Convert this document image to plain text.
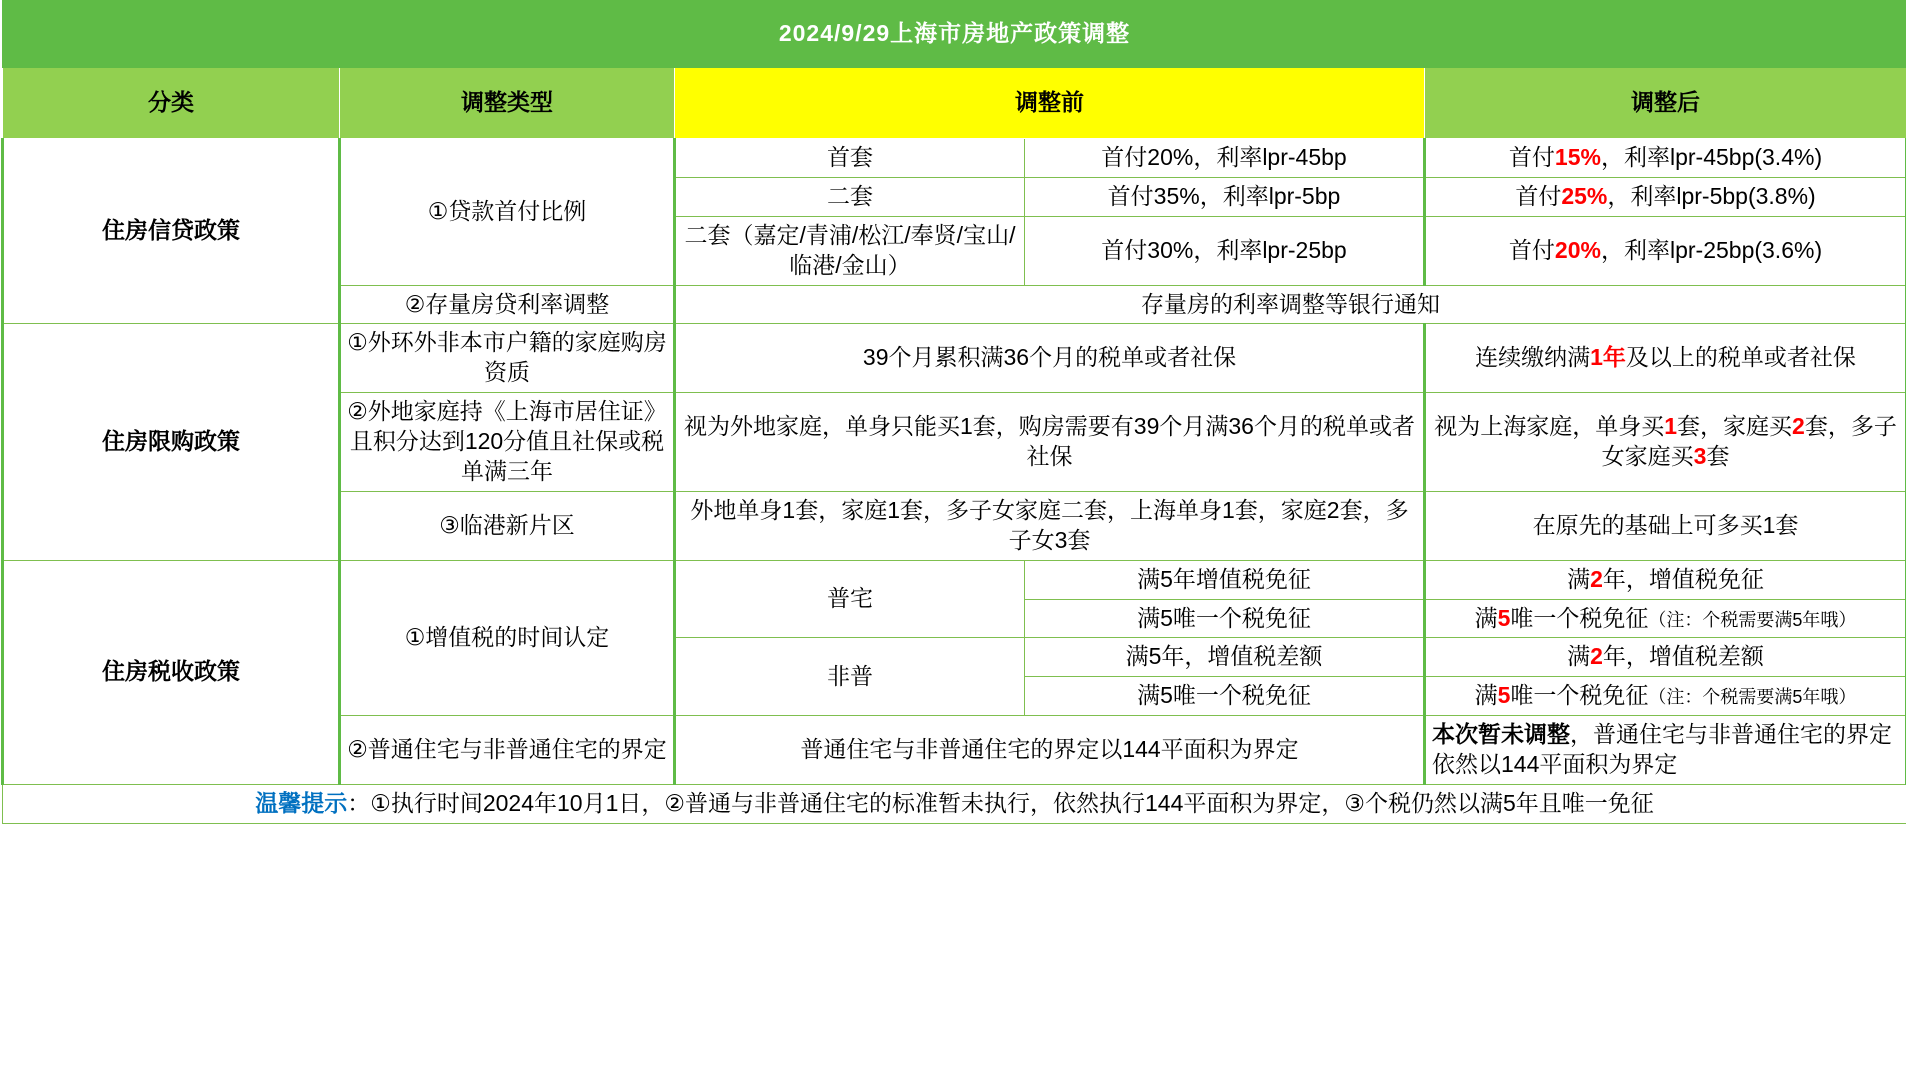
2024/9/29上海市房地产政策调整				
分类	调整类型	调整前		调整后
住房信贷政策	①贷款首付比例	首套	首付20%，利率lpr-45bp	首付15%，利率lpr-45bp(3.4%)
		二套	首付35%，利率lpr-5bp	首付25%，利率lpr-5bp(3.8%)
		二套（嘉定/青浦/松江/奉贤/宝山/临港/金山）	首付30%，利率lpr-25bp	首付20%，利率lpr-25bp(3.6%)
	②存量房贷利率调整	存量房的利率调整等银行通知		
住房限购政策	①外环外非本市户籍的家庭购房资质	39个月累积满36个月的税单或者社保		连续缴纳满1年及以上的税单或者社保
	②外地家庭持《上海市居住证》且积分达到120分值且社保或税单满三年	视为外地家庭，单身只能买1套，购房需要有39个月满36个月的税单或者社保		视为上海家庭，单身买1套，家庭买2套，多子女家庭买3套
	③临港新片区	外地单身1套，家庭1套，多子女家庭二套，上海单身1套，家庭2套，多子女3套		在原先的基础上可多买1套
住房税收政策	①增值税的时间认定	普宅	满5年增值税免征	满2年，增值税免征
			满5唯一个税免征	满5唯一个税免征（注：个税需要满5年哦）
		非普	满5年，增值税差额	满2年，增值税差额
			满5唯一个税免征	满5唯一个税免征（注：个税需要满5年哦）
	②普通住宅与非普通住宅的界定	普通住宅与非普通住宅的界定以144平面积为界定		本次暂未调整，普通住宅与非普通住宅的界定依然以144平面积为界定
温馨提示：①执行时间2024年10月1日，②普通与非普通住宅的标准暂未执行，依然执行144平面积为界定，③个税仍然以满5年且唯一免征				
